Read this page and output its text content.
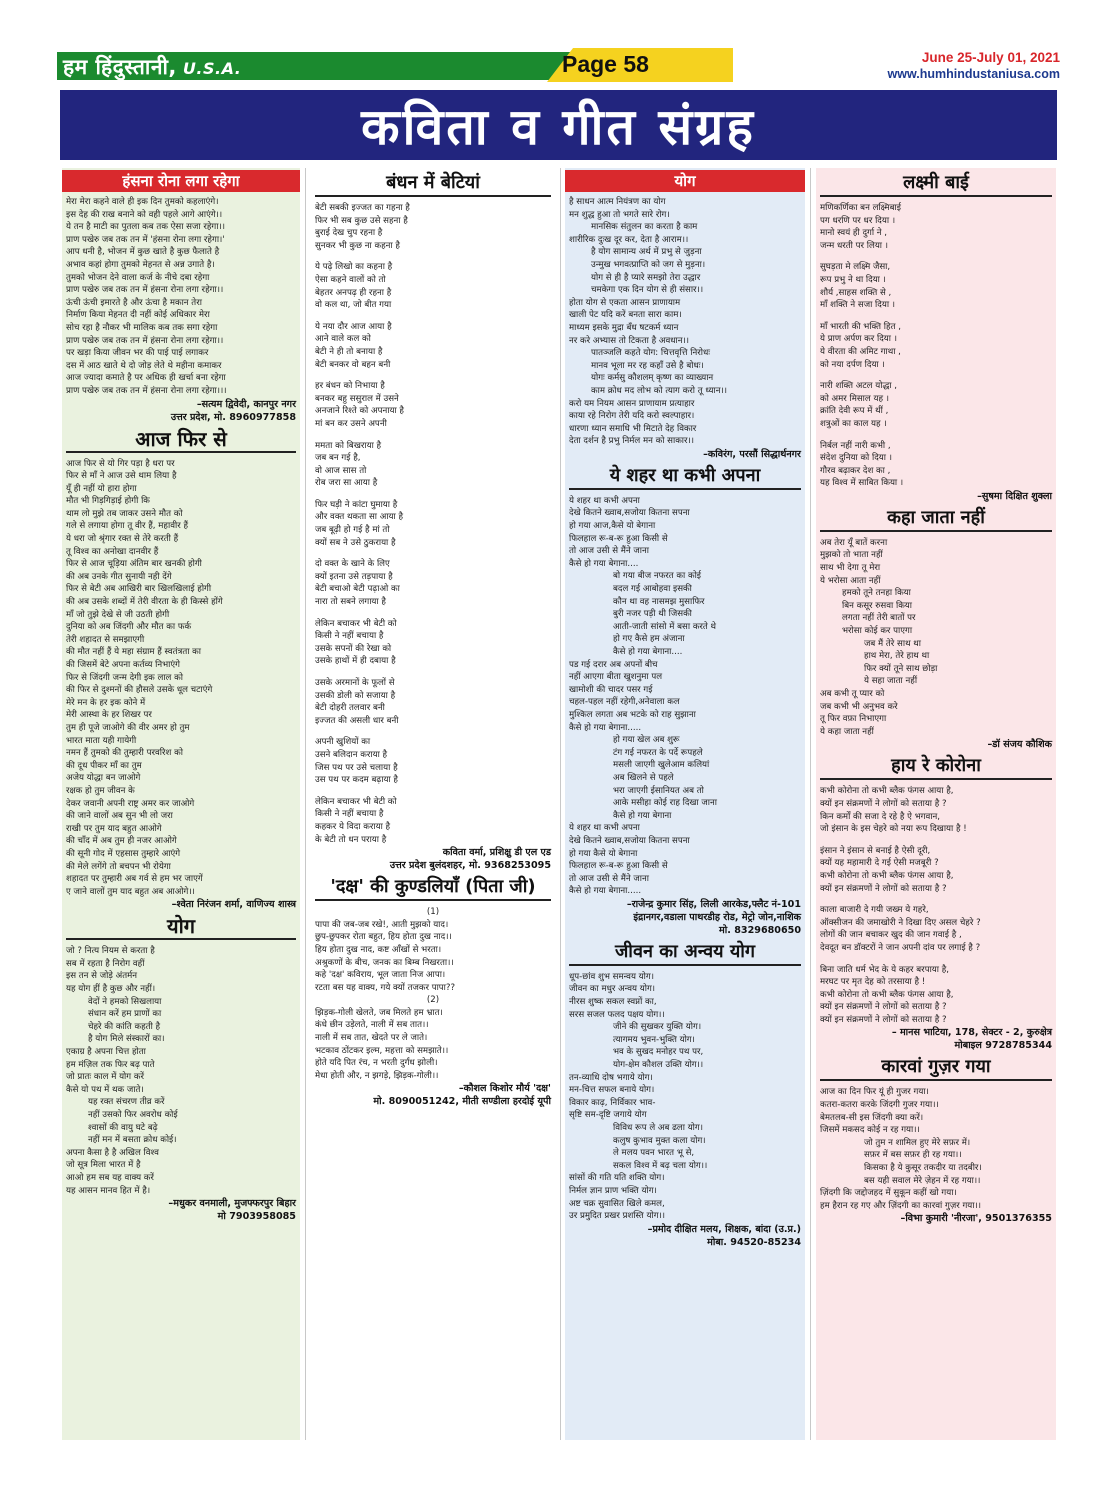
हम हिंदुस्तानी, U.S.A.	Page 58	June 25-July 01, 2021
www.humhindustaniusa.com
कविता व गीत संग्रह
हंसना रोना लगा रहेगा
मेरा मेरा कहने वाले ही इक दिन तुमको कहलाएंगे।
इस देह की राख बनाने को वही पहले आगे आएंगे।।
ये तन है माटी का पुतला कब तक ऐसा सजा रहेगा।।
प्राण पखेरु जब तक तन में 'हंसना रोना लगा रहेगा।'
आप धनी है, भोजन में कुछ खाते है कुछ फैलाते है
अभाव कहां होगा तुमको मेहनत से अन्न उगाते है।
तुमको भोजन देने वाला कर्ज के नीचे दबा रहेगा
प्राण पखेरु जब तक तन में हंसना रोना लगा रहेगा।।
ऊंची ऊंची इमारते है और ऊंचा है मकान तेरा
निर्माण किया मेहनत दी नहीं कोई अधिकार मेरा
सोच रहा है नौकर भी मालिक कब तक सगा रहेगा
प्राण पखेरु जब तक तन में हंसना रोना लगा रहेगा।।
पर खड़ा किया जीवन भर की पाई पाई लगाकर
दस में आठ खाते थे दो जोड़ लेते थे महीना कमाकर
आज ज्यादा कमाते है पर अधिक ही खर्चा बना रहेगा
प्राण पखेरु जब तक तन में हंसना रोना लगा रहेगा।।।
–सत्यम द्विवेदी, कानपुर नगर
उत्तर प्रदेश, मो. 8960977858
आज फिर से
आज फिर से यो गिर पड़ा है धरा पर
फिर से माँ ने आज उसे थाम लिया है
यूँ ही नहीं यो हारा होगा
मौत भी गिड़गिड़ाई होगी कि
थाम लो मुझे तब जाकर उसने मौत को
गले से लगाया होगा तू वीर हैं, महावीर हैं
ये धरा जो श्रृंगार रक्त से तेरे करती हैं
तू विश्व का अनोखा दानवीर हैं
फिर से आज चूड़िया अंतिम बार खनकी होगी
की अब उनके गीत सुनायी नही देंगे
फिर से बेटी अब आखिरी बार खिलखिलाई होगी
की अब उसके शब्दों में तेरी वीरता के ही किस्से होंगे
माँ जो तुझे देखे से जी उठती होगी
दुनिया को अब जिंदगी और मौत का फर्क
तेरी शहादत से समझाएगी
की मौत नहीं हैं ये महा संग्राम हैं स्वतंत्रता का
की जिसमें बेटे अपना कर्तव्य निभाएंगे
फिर से जिंदगी जन्म देगी इक लाल को
की फिर से दुश्मनों की हौसले उसके धूल चटाएंगे
मेरे मन के हर इक कोने में
मेरी आस्था के हर शिखर पर
तुम ही पूजे जाओगे की वीर अमर हो तुम
भारत माता यही गायेगी
नमन हैं तुमको की तुम्हारी परवरिश को
की दूध पीकर माँ का तुम
अजेय योद्धा बन जाओगे
रक्षक हो तुम जीवन के
देकर जवानी अपनी राष्ट्र अमर कर जाओगे
की जाने वालों अब सुन भी लो जरा
राखी पर तुम याद बहुत आओगे
की चाँद में अब तुम ही नजर आओगे
की सूनी गोद में एहसास तुम्हारे आएंगे
की मेले लगेंगे तो बचपन भी रोयेगा
शहादत पर तुम्हारी अब गर्व से हम भर जाएगें
ए जाने वालों तुम याद बहुत अब आओगे।।
–श्वेता निरंजन शर्मा, वाणिज्य शास्त्र
योग
जो ? नित्य नियम से करता है
सब में रहता है निरोग वहीं
इस तन से जोड़े अंतर्मन
यह योग हीं है कुछ और नहीं।
वेदों ने हमको सिखलाया
संधान करें हम प्राणों का
चेहरे की कांति कहती है
है योग मिले संस्कारों का।
एकाग्र है अपना चित्त होता
हम मंज़िल तक फिर बढ़ पाते
जो प्रातः काल में योग करें
कैसे यो पथ में थक जाते।
यह रक्त संचरण तीव्र करें
नहीं उसको फिर अवरोध कोई
श्वासों की वायु घटे बढ़े
नहीं मन में बसता क्रोध कोई।
अपना कैसा है है अखिल विश्व
जो सूत्र मिला भारत में है
आओ हम सब यह वाक्य करें
यह आसन मानव हित में है।
–मधुकर वनमाली, मुजफ्फरपुर बिहार
मो 7903958085
बंधन में बेटियां
बेटी सबकी इज्जत का गहना है
फिर भी सब कुछ उसे सहना है
बुराई देख चुप रहना है
सुनकर भी कुछ ना कहना है
ये पढ़े लिखो का कहना है
ऐसा कहने वालों को तो
बेहतर अनपढ़ ही रहना है
वो कल था, जो बीत गया
ये नया दौर आज आया है
आने वाले कल को
बेटी ने ही तो बनाया है
बेटी बनकर वो बहन बनी
हर बंधन को निभाया है
बनकर बहु ससुराल में उसने
अनजाने रिश्ते को अपनाया है
मां बन कर उसने अपनी
ममता को बिखराया है
जब बन गई है,
वो आज सास तो
रोब जरा सा आया है
फिर घड़ी ने कांटा घुमाया है
और वक्त थकता सा आया है
जब बूढ़ी हो गई है मां तो
क्यों सब ने उसे ठुकराया है
दो वक्त के खाने के लिए
क्यों इतना उसे तड़पाया है
बेटी बचाओ बेटी पढ़ाओ का
नारा तो सबने लगाया है
लेकिन बचाकर भी बेटी को
किसी ने नहीं बचाया है
उसके सपनों की रेखा को
उसके हाथों में ही दबाया है
उसके अरमानों के फूलों से
उसकी डोली को सजाया है
बेटी दोहरी तलवार बनी
इज्जत की असली धार बनी
अपनी खुशियों का
उसने बलिदान कराया है
जिस पथ पर उसे चलाया है
उस पथ पर कदम बढ़ाया है
लेकिन बचाकर भी बेटी को
किसी ने नहीं बचाया है
कहकर ये विदा कराया है
के बेटी तो धन पराया है
कविता वर्मा, प्रशिक्षु डी एल एड
उत्तर प्रदेश बुलंदशहर, मो. 9368253095
'दक्ष' की कुण्डलियाँ (पिता जी)
(1)
पापा की जब-जब रखे!, आती मुझको याद।
छुप-छुपकर रोता बहुत, हिय होता दुख नाद।।
हिय होता दुख नाद, कष्ट आँखों से भरता।
अश्रुकणों के बीच, जनक का बिम्ब निखरता।।
कहे 'दक्ष' कविराय, भूल जाता निज आपा।
रटता बस यह वाक्य, गये क्यों तजकर पापा??
(2)
झिड़क-गोली खेलते, जब मिलते हम भ्रात।
कंधे छीन उड़ेलते, नाली में सब तात।।
नाली में सब तात, खेदते पर ले जाते।
भटकाव ठोंटकर इल्म, महत्ता को समझाते।।
होते यदि पित रंच, न भरती दुर्गंध झोली।
मेधा होती और, न झगड़े, झिड़क-गोली।।
–कौशल किशोर मौर्य 'दक्ष'
मो. 8090051242, मीती सण्डीला हरदोई यूपी
योग
है साधन आत्म नियंत्रण का योग
मन शुद्ध हुआ तो भगते सारे रोग।
मानसिक संतुलन का करता है काम
शारीरिक दुःख दूर कर, देता है आराम।।
है योग सामान्य अर्थ में प्रभु से जुड़ना
उन्मुख भगवत्प्राप्ति को जग से मुड़ना।
योग से ही है प्यारे समझो तेरा उद्धार
चमकेगा एक दिन योग से ही संसार।।
होता योग से एकता आसन प्राणायाम
खाली पेट यदि करें बनता सारा काम।
माध्यम इसके मुद्रा बँध षटकर्म ध्यान
नर करे अभ्यास तो टिकता है अवधान।।
पातञ्जलि कहते योग: चित्तवृत्ति निरोधः
मानव भूला मर रह कहाँ उसे है बोधः।
योगः कर्मसु कौशलम् कृष्ण का व्याख्यान
काम क्रोध मद लोभ को त्याग करो तू ध्यान।।
करो यम नियम आसन प्राणायाम प्रत्याहार
काया रहे निरोग तेरी यदि करो स्वल्पाहार।
धारणा ध्यान समाधि भी मिटाते देह विकार
देता दर्शन है प्रभु निर्मल मन को साकार।।
–कविरंग, परसौं सिद्धार्थनगर
ये शहर था कभी अपना
ये शहर था कभी अपना
देखे कितने ख्वाब,सजोया कितना सपना
हो गया आज,कैसे यो बेगाना
फिलहाल रू-ब-रू हुआ किसी से
तो आज उसी से मैंने जाना
कैसे हो गया बेगाना....
बो गया बीज नफरत का कोई
बदल गई आबोहवा इसकी
कौन था वह नासमझ मुसाफिर
बुरी नजर पड़ी थी जिसकी
आती-जाती सांसो में बसा करते थे
हो गए कैसे हम अंजाना
कैसे हो गया बेगाना....
पड गई दरार अब अपनों बीच
नहीं आएगा बीता खुशनुमा पल
खामोशी की चादर पसर गई
चहल-पहल नहीं रहेगी,अनेवाला कल
मुश्किल लगता अब भटके को राह सुझाना
कैसे हो गया बेगाना.....
हो गया खेल अब शुरू
टंग गई नफरत के पर्दे रूपहले
मसली जाएगी खुलेआम कलियां
अब खिलने से पहले
भरा जाएगी ईसानियत अब तो
आके मसीहा कोई राह दिखा जाना
कैसे हो गया बेगाना
ये शहर था कभी अपना
देखे कितने ख्वाब,सजोया कितना सपना
हो गया कैसे यो बेगाना
फिलहाल रू-ब-रू हुआ किसी से
तो आज उसी से मैंने जाना
कैसे हो गया बेगाना.....
–राजेन्द्र कुमार सिंह, लिली आरकेड,फ्लैट नं-101
इंद्रानगर,वडाला पाथरडीह रोड, मेट्रो जोन,नाशिक
मो. 8329680650
जीवन का अन्वय योग
धूप-छांव शुभ समन्वय योग।
जीवन का मधुर अन्वय योग।
नीरस शुष्क सकल स्वप्नों का,
सरस सजल फलद पक्षय योग।।
जीने की सुखकर युक्ति योग।
त्यागमय भुवन-भुक्ति योग।
भव के सुखद मनोहर पथ पर,
योग-क्षेम कौशल उक्ति योग।।
तन-व्याधि दोष भगाये योग।
मन-चित्त सफल बनाये योग।
विकार काढ़, निर्विकार भाव-
सृष्टि सम-दृष्टि जगाये योग
विविध रूप ले अब ढला योग।
कलुष कुभाव मुक्त कला योग।
ले मलय पवन भारत भू से,
सकल विश्व में बढ़ चला योग।।
सांसों की गति यति शक्ति योग।
निर्मल ज्ञान प्राण भक्ति योग।
अष्ट चक्र सुवासित खिले कमल,
उर प्रमुदित प्रखर प्रशस्ति योग।।
–प्रमोद दीक्षित मलय, शिक्षक, बांदा (उ.प्र.)
मोबा. 94520-85234
लक्ष्मी बाई
मणिकर्णिका बन लक्ष्मिबाई
पग धरणि पर धर दिया ।
मानो स्वयं ही दुर्गा ने ,
जन्म धरती पर लिया ।
सुघड़ता मे लक्ष्मि जैसा,
रूप प्रभु ने था दिया ।
शौर्य ,साहस शक्ति से ,
माँ शक्ति ने सजा दिया ।
माँ भारती की भक्ति हित ,
ये प्राण अर्पण कर दिया ।
ये वीरता की अमिट गाथा ,
को नया दर्पण दिया ।
नारी शक्ति अटल योद्धा ,
को अमर मिसाल यह ।
क्रांति देवी रूप में थीं ,
शत्रुओं का काल यह ।
निर्बल नहीं नारी कभी ,
संदेश दुनिया को दिया ।
गौरव बढ़ाकर देश का ,
यह विश्व में साबित किया ।
–सुषमा दिक्षित शुक्ला
कहा जाता नहीं
अब तेरा यूँ बातें करना
मुझको तो भाता नहीं
साथ भी देगा तू मेरा
ये भरोसा आता नहीं
हमको तूने तनहा किया
बिन कसूर रुसवा किया
लगता नहीं तेरी बातों पर
भरोसा कोई कर पाएगा
जब मैं तेरे साथ था
हाथ मेरा, तेरे हाथ था
फिर क्यों तूने साथ छोड़ा
ये सहा जाता नहीं
अब कभी तू प्यार को
जब कभी भी अनुभव करे
तू फिर वफ़ा निभाएगा
ये कहा जाता नहीं
–डॉ संजय कौशिक
हाय रे कोरोना
कभी कोरोना तो कभी ब्लैक फंगस आया है,
क्यों इन संक्रमणों ने लोगों को सताया है ?
किन कर्मों की सजा दे रहे है ऐ भगवान,
जो इंसान के इस चेहरे को नया रूप दिखाया है !
इंसान ने इंसान से बनाई है ऐसी दूरी,
क्यों यह महामारी दे गई ऐसी मजबूरी ?
कभी कोरोना तो कभी ब्लैक फंगस आया है,
क्यों इन संक्रमणों ने लोगों को सताया है ?
काला बाजारी दे गयी जख्म ये गहरे,
ऑक्सीजन की जमाखोरी ने दिखा दिए असल चेहरे ?
लोगों की जान बचाकर खुद की जान गवाई है ,
देवदूत बन डॉक्टरों ने जान अपनी दांव पर लगाई है ?
बिना जाति धर्म भेद के ये कहर बरपाया है,
मरघट पर मृत देह को तरसाया है !
कभी कोरोना तो कभी ब्लैक फंगस आया है,
क्यों इन संक्रमणों ने लोगों को सताया है ?
क्यों इन संक्रमणों ने लोगों को सताया है ?
– मानस भाटिया, 178, सेक्टर - 2, कुरुक्षेत्र
मोबाइल 9728785344
कारवां गुज़र गया
आज का दिन फिर यूं ही गुजर गया।
कतरा-कतरा करके जिंदगी गुजर गया।।
बेमतलब-सी इस जिंदगी क्या करें।
जिसमें मकसद कोई न रह गया।।
जो तुम न शामिल हुए मेरे सफ़र में।
सफ़र में बस सफ़र ही रह गया।।
किसका है ये कुसूर तकदीर या तदबीर।
बस यही सवाल मेरे ज़ेहन में रह गया।।
ज़िंदगी कि जद्दोजहद में सुकून कहीं खो गया।
हम हैरान रह गए और ज़िंदगी का कारवां गुज़र गया।।
–विभा कुमारी 'नीरजा', 9501376355
